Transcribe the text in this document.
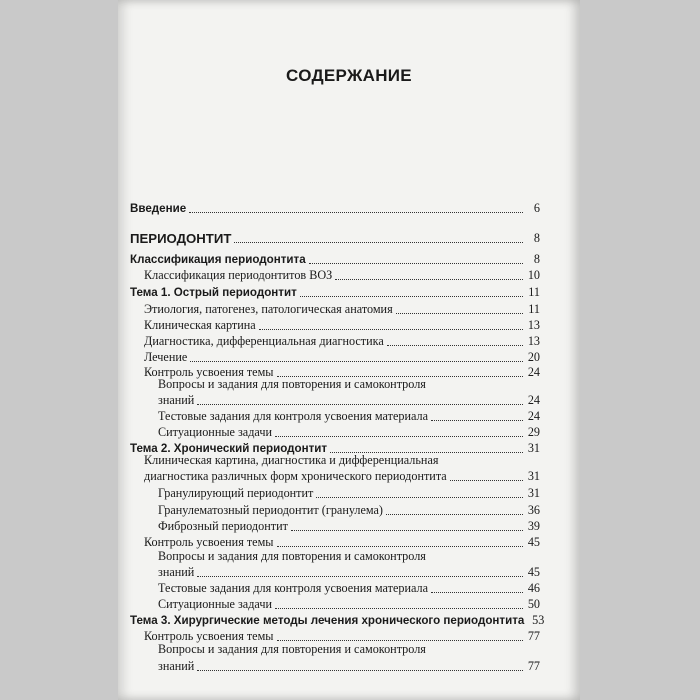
СОДЕРЖАНИЕ
Введение	6
ПЕРИОДОНТИТ	8
Классификация периодонтита	8
Классификация периодонтитов ВОЗ	10
Тема 1. Острый периодонтит	11
Этиология, патогенез, патологическая анатомия	11
Клиническая картина	13
Диагностика, дифференциальная диагностика	13
Лечение	20
Контроль усвоения темы	24
Вопросы и задания для повторения и самоконтроля
знаний	24
Тестовые задания для контроля усвоения материала	24
Ситуационные задачи	29
Тема 2. Хронический периодонтит	31
Клиническая картина, диагностика и дифференциальная
диагностика различных форм хронического периодонтита	31
Гранулирующий периодонтит	31
Гранулематозный периодонтит (гранулема)	36
Фиброзный периодонтит	39
Контроль усвоения темы	45
Вопросы и задания для повторения и самоконтроля
знаний	45
Тестовые задания для контроля усвоения материала	46
Ситуационные задачи	50
Тема 3. Хирургические методы лечения хронического периодонтита 53
Контроль усвоения темы	77
Вопросы и задания для повторения и самоконтроля
знаний	77
